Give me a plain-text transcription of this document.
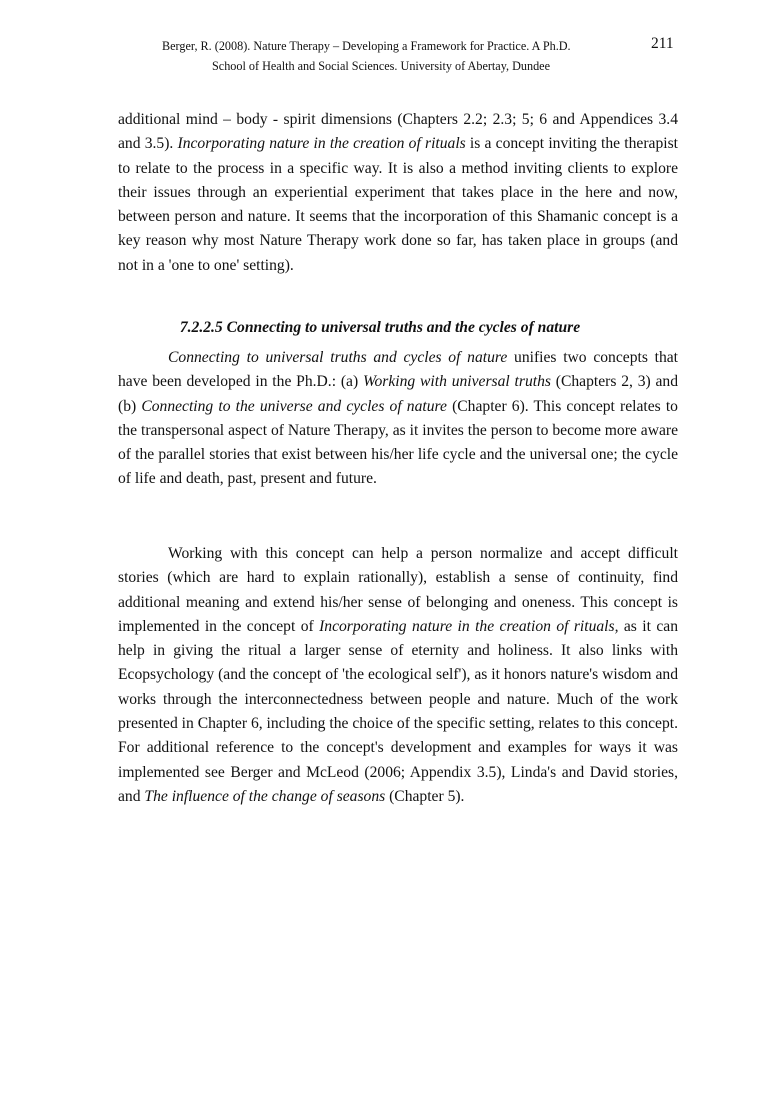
Berger, R. (2008). Nature Therapy – Developing a Framework for Practice. A Ph.D.
School of Health and Social Sciences. University of Abertay, Dundee
211

additional mind – body - spirit dimensions (Chapters 2.2; 2.3; 5; 6 and Appendices 3.4 and 3.5). Incorporating nature in the creation of rituals is a concept inviting the therapist to relate to the process in a specific way. It is also a method inviting clients to explore their issues through an experiential experiment that takes place in the here and now, between person and nature. It seems that the incorporation of this Shamanic concept is a key reason why most Nature Therapy work done so far, has taken place in groups (and not in a 'one to one' setting).

7.2.2.5 Connecting to universal truths and the cycles of nature

Connecting to universal truths and cycles of nature unifies two concepts that have been developed in the Ph.D.: (a) Working with universal truths (Chapters 2, 3) and (b) Connecting to the universe and cycles of nature (Chapter 6). This concept relates to the transpersonal aspect of Nature Therapy, as it invites the person to become more aware of the parallel stories that exist between his/her life cycle and the universal one; the cycle of life and death, past, present and future.

Working with this concept can help a person normalize and accept difficult stories (which are hard to explain rationally), establish a sense of continuity, find additional meaning and extend his/her sense of belonging and oneness. This concept is implemented in the concept of Incorporating nature in the creation of rituals, as it can help in giving the ritual a larger sense of eternity and holiness. It also links with Ecopsychology (and the concept of 'the ecological self'), as it honors nature's wisdom and works through the interconnectedness between people and nature. Much of the work presented in Chapter 6, including the choice of the specific setting, relates to this concept. For additional reference to the concept's development and examples for ways it was implemented see Berger and McLeod (2006; Appendix 3.5), Linda's and David stories, and The influence of the change of seasons (Chapter 5).
